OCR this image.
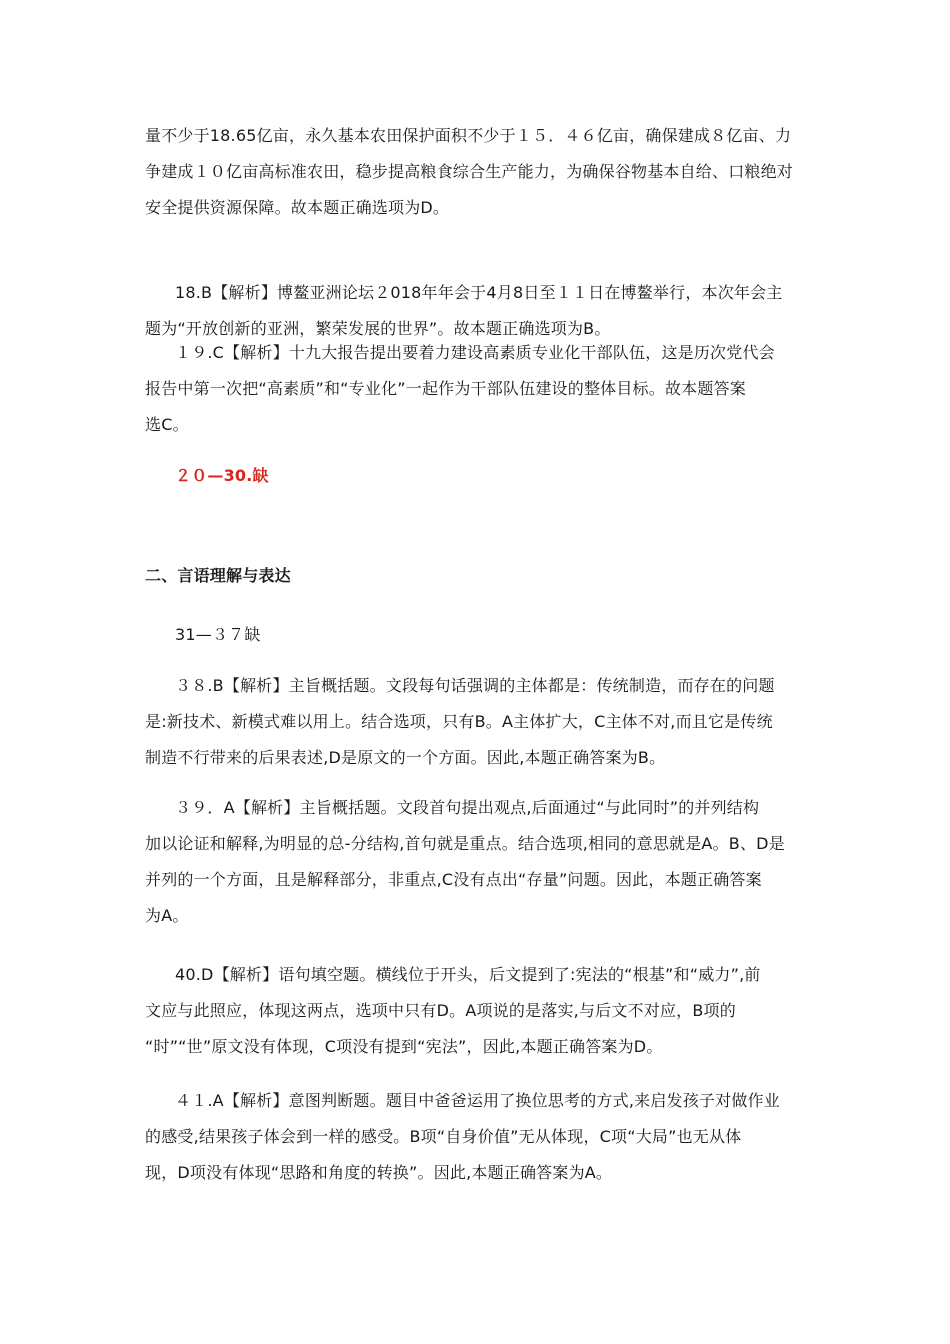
量不少于18.65亿亩，永久基本农田保护面积不少于１５．４６亿亩，确保建成８亿亩、力

争建成１０亿亩高标准农田，稳步提高粮食综合生产能力，为确保谷物基本自给、口粮绝对

安全提供资源保障。故本题正确选项为D。

18.B【解析】博鳌亚洲论坛２018年年会于4月8日至１１日在博鳌举行，本次年会主

题为“开放创新的亚洲，繁荣发展的世界”。故本题正确选项为B。

１９.C【解析】十九大报告提出要着力建设高素质专业化干部队伍，这是历次党代会

报告中第一次把“高素质”和“专业化”一起作为干部队伍建设的整体目标。故本题答案

选C。

２０—30.缺

二、言语理解与表达

31—３７缺

３８.B【解析】主旨概括题。文段每句话强调的主体都是：传统制造，而存在的问题

是:新技术、新模式难以用上。结合选项，只有B。A主体扩大，C主体不对,而且它是传统

制造不行带来的后果表述,D是原文的一个方面。因此,本题正确答案为B。

３９．A【解析】主旨概括题。文段首句提出观点,后面通过“与此同时”的并列结构

加以论证和解释,为明显的总-分结构,首句就是重点。结合选项,相同的意思就是A。B、D是

并列的一个方面，且是解释部分，非重点,C没有点出“存量”问题。因此，本题正确答案

为A。

40.D【解析】语句填空题。横线位于开头，后文提到了:宪法的“根基”和“威力”,前

文应与此照应，体现这两点，选项中只有D。A项说的是落实,与后文不对应，B项的

“时”“世”原文没有体现，C项没有提到“宪法”，因此,本题正确答案为D。

４１.A【解析】意图判断题。题目中爸爸运用了换位思考的方式,来启发孩子对做作业

的感受,结果孩子体会到一样的感受。B项“自身价值”无从体现，C项“大局”也无从体

现，D项没有体现“思路和角度的转换”。因此,本题正确答案为A。
